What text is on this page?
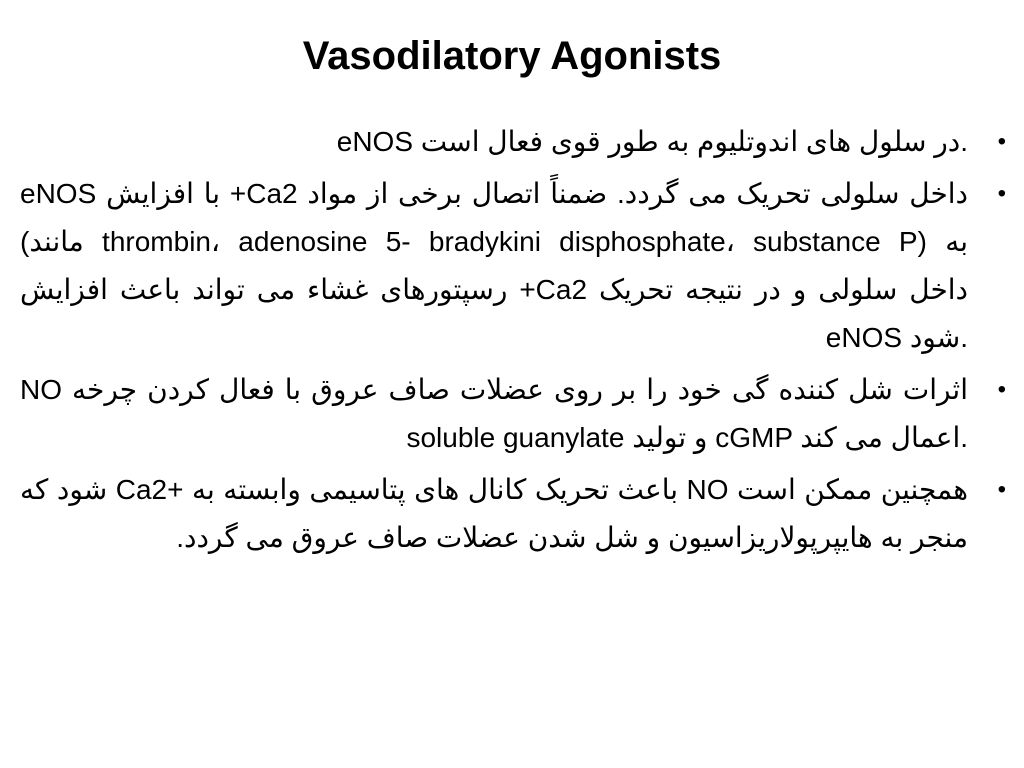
Vasodilatory Agonists
•
eNOS در سلول های اندوتلیوم به طور قوی فعال است.
•
eNOS با افزایش +Ca2 داخل سلولی تحریک می گردد. ضمناً اتصال برخی از مواد (مانند thrombin، adenosine 5- bradykini disphosphate، substance P) به رسپتورهای غشاء می تواند باعث افزایش +Ca2 داخل سلولی و در نتیجه تحریک eNOS شود.
•
NO اثرات شل کننده گی خود را بر روی عضلات صاف عروق با فعال کردن چرخه soluble guanylate و تولید cGMP اعمال می کند.
•
همچنین ممکن است NO باعث تحریک کانال های پتاسیمی وابسته به +Ca2 شود که منجر به هایپرپولاریزاسیون و شل شدن عضلات صاف عروق می گردد.
